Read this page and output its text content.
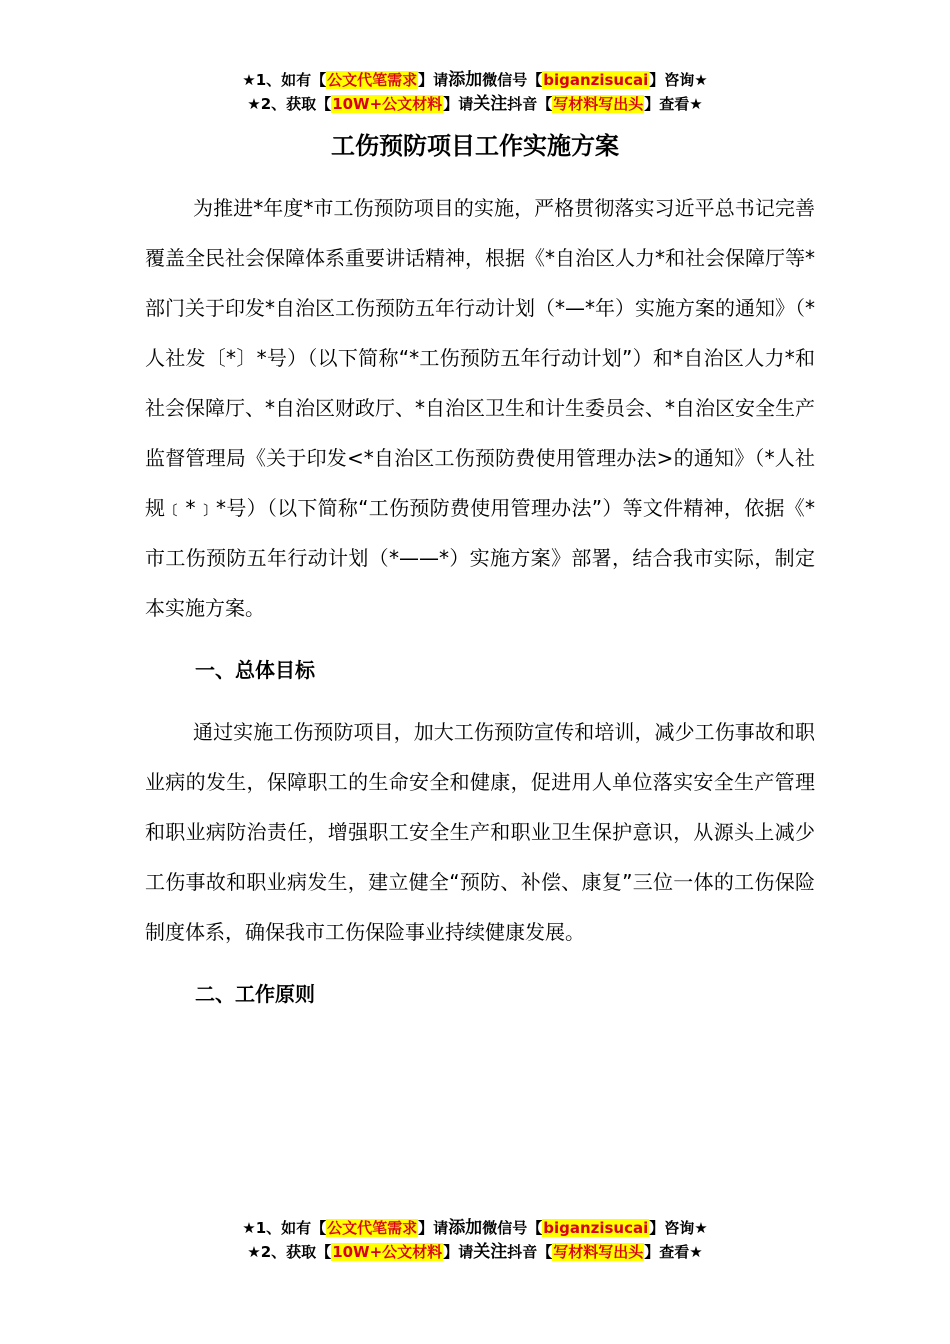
★1、如有【公文代笔需求】请添加微信号【biganzisucai】咨询★
★2、获取【10W+公文材料】请关注抖音【写材料写出头】查看★
工伤预防项目工作实施方案

为推进*年度*市工伤预防项目的实施，严格贯彻落实习近平总书记完善覆盖全民社会保障体系重要讲话精神，根据《*自治区人力*和社会保障厅等*部门关于印发*自治区工伤预防五年行动计划（*—*年）实施方案的通知》（*人社发〔*〕*号）（以下简称“*工伤预防五年行动计划”）和*自治区人力*和社会保障厅、*自治区财政厅、*自治区卫生和计生委员会、*自治区安全生产监督管理局《关于印发<*自治区工伤预防费使用管理办法>的通知》（*人社规﹝*﹞*号）（以下简称“工伤预防费使用管理办法”）等文件精神，依据《*市工伤预防五年行动计划（*——*）实施方案》部署，结合我市实际，制定本实施方案。

一、总体目标

通过实施工伤预防项目，加大工伤预防宣传和培训，减少工伤事故和职业病的发生，保障职工的生命安全和健康，促进用人单位落实安全生产管理和职业病防治责任，增强职工安全生产和职业卫生保护意识，从源头上减少工伤事故和职业病发生，建立健全“预防、补偿、康复”三位一体的工伤保险制度体系，确保我市工伤保险事业持续健康发展。

二、工作原则

★1、如有【公文代笔需求】请添加微信号【biganzisucai】咨询★
★2、获取【10W+公文材料】请关注抖音【写材料写出头】查看★
